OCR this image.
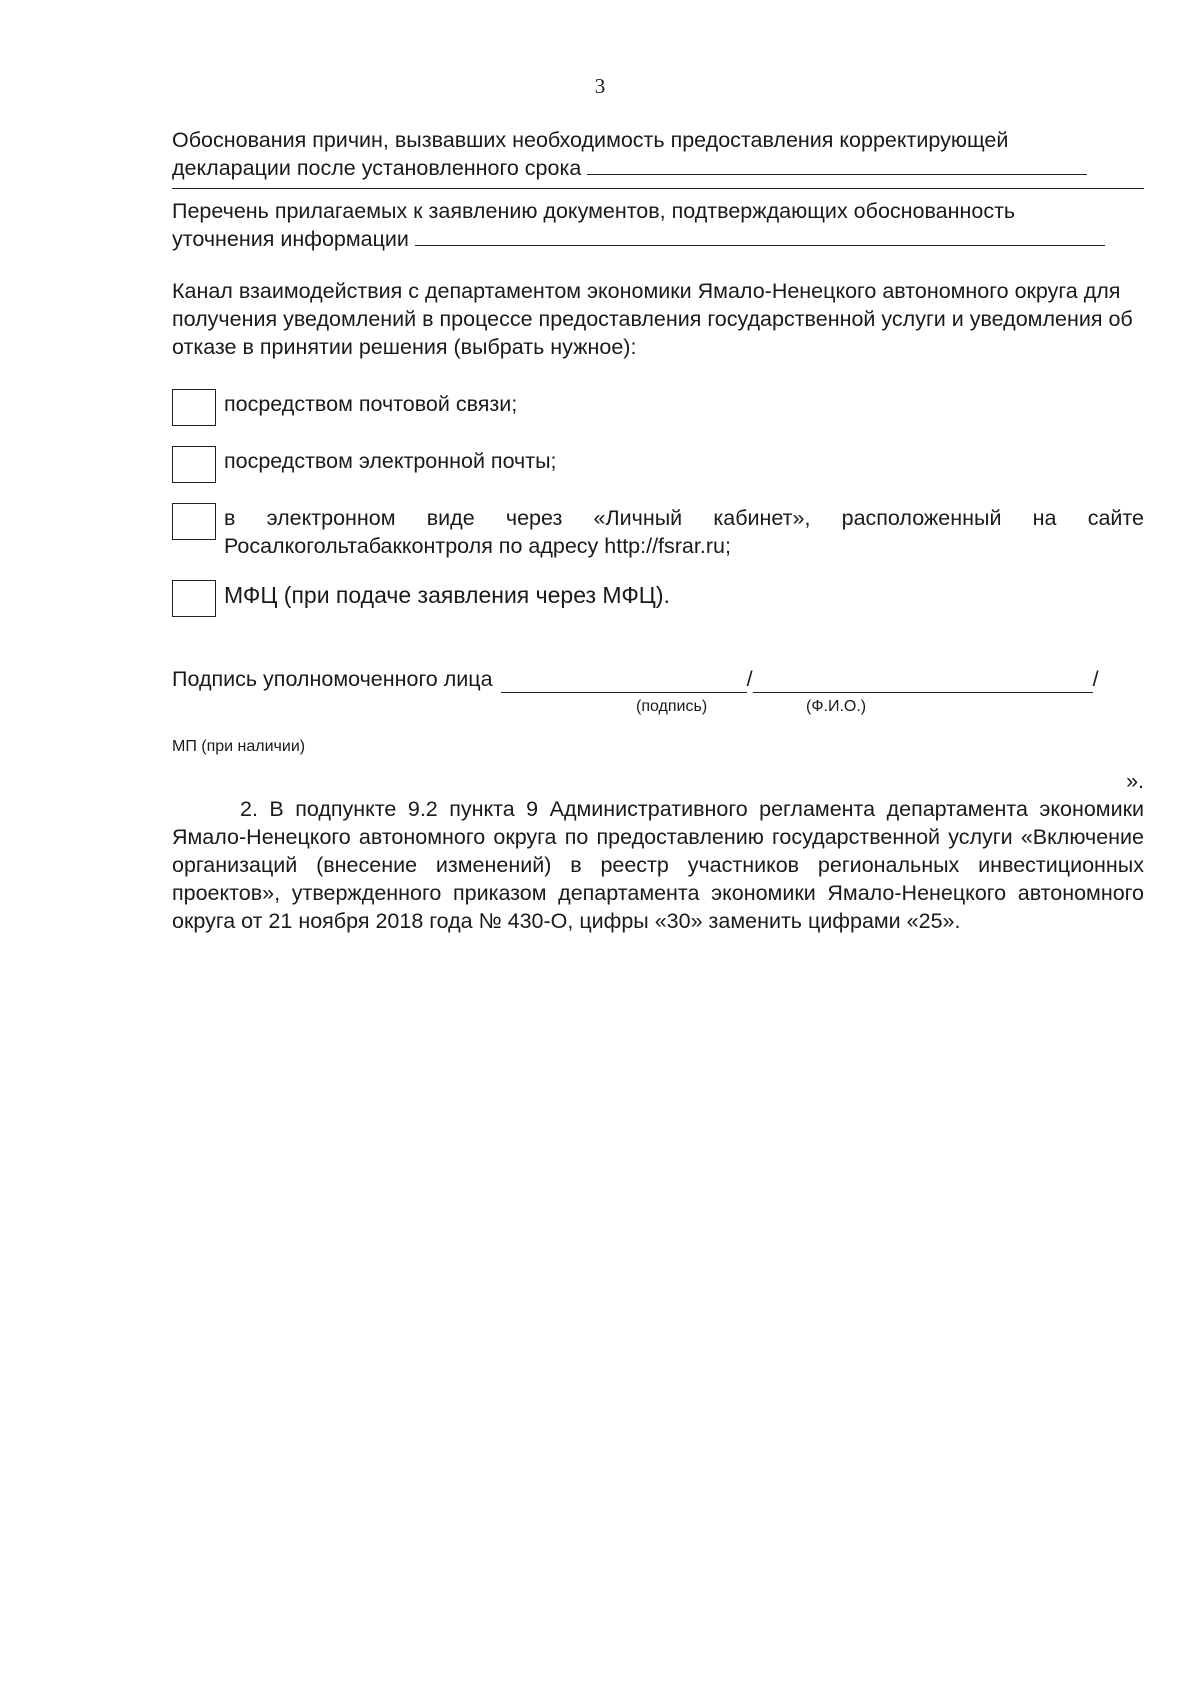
3

Обоснования причин, вызвавших необходимость предоставления корректирующей

декларации после установленного срока

Перечень прилагаемых к заявлению документов, подтверждающих обоснованность

уточнения информации

Канал взаимодействия с департаментом экономики Ямало-Ненецкого автономного округа для получения уведомлений в процессе предоставления государственной услуги и уведомления об отказе в принятии решения (выбрать нужное):

посредством почтовой связи;
посредством электронной почты;
в электронном виде через «Личный кабинет», расположенный на сайте
Росалкогольтабакконтроля по адресу http://fsrar.ru;
МФЦ (при подаче заявления через МФЦ).
Подпись уполномоченного лица	/	/
(подпись)	(Ф.И.О.)
МП (при наличии)
».

2. В подпункте 9.2 пункта 9 Административного регламента департамента экономики Ямало-Ненецкого автономного округа по предоставлению государственной услуги «Включение организаций (внесение изменений) в реестр участников региональных инвестиционных проектов», утвержденного приказом департамента экономики Ямало-Ненецкого автономного округа от 21 ноября 2018 года № 430-О, цифры «30» заменить цифрами «25».
